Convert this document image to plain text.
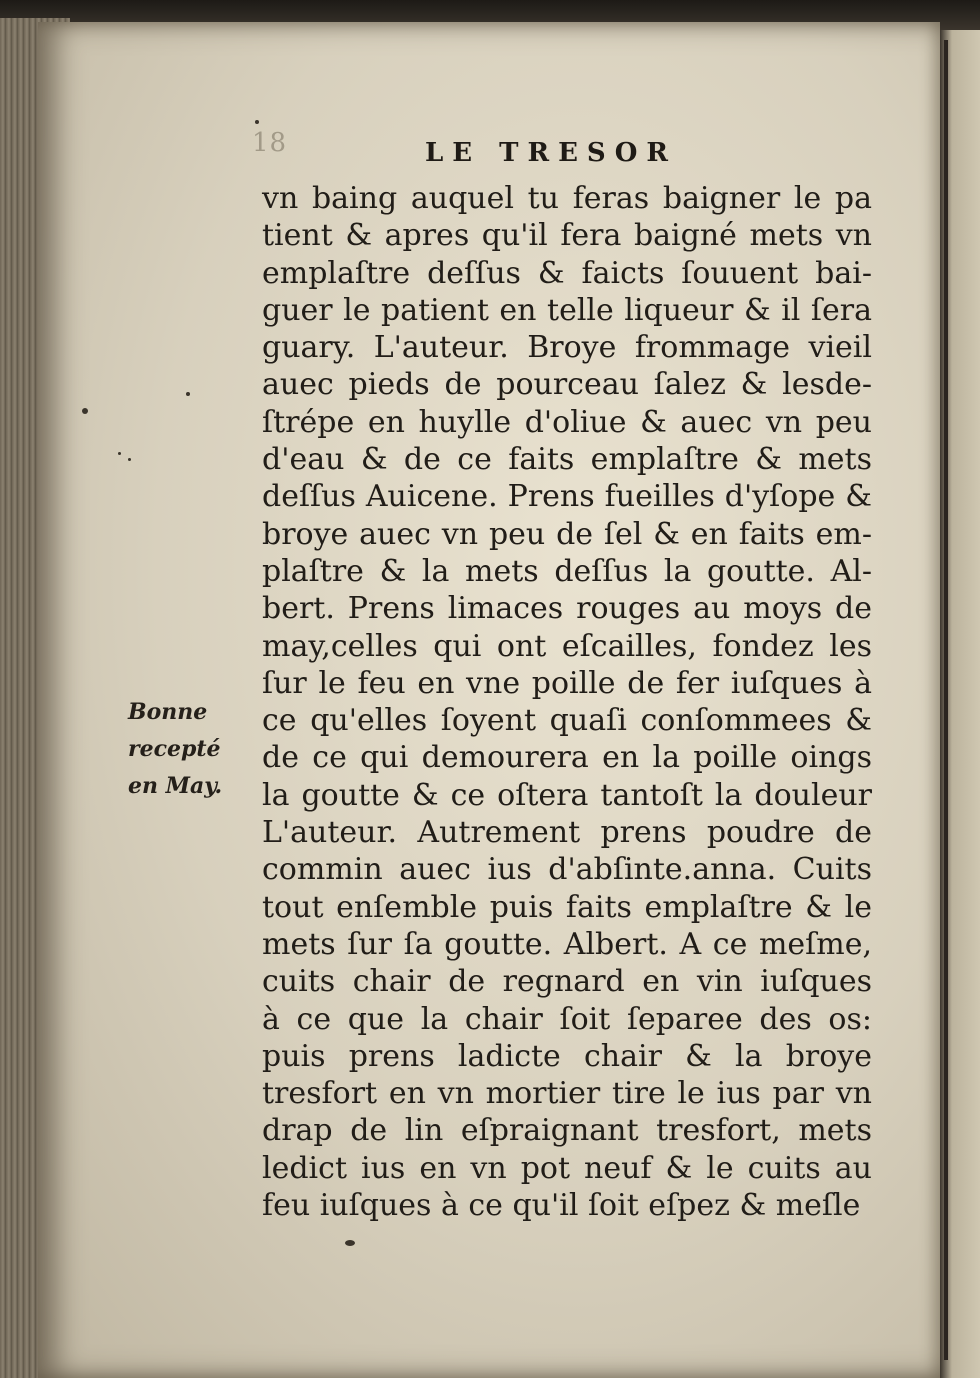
18	LE TRESOR
vn baing auquel tu feras baigner le pa
tient & apres qu'il fera baigné mets vn
emplaſtre deſſus & faicts ſouuent bai-
guer le patient en telle liqueur & il ſera
guary. L'auteur. Broye frommage vieil
auec pieds de pourceau ſalez & lesde-
ſtrépe en huylle d'oliue & auec vn peu
d'eau & de ce faits emplaſtre & mets
deſſus Auicene. Prens fueilles d'yſope &
broye auec vn peu de ſel & en faits em-
plaſtre & la mets deſſus la goutte. Al-
bert. Prens limaces rouges au moys de
may,celles qui ont eſcailles, fondez les
ſur le feu en vne poille de fer iuſques à
ce qu'elles ſoyent quaſi conſommees &
de ce qui demourera en la poille oings
la goutte & ce oſtera tantoſt la douleur
L'auteur. Autrement prens poudre de
commin auec ius d'abſinte.anna. Cuits
tout enſemble puis faits emplaſtre & le
mets ſur ſa goutte. Albert. A ce meſme,
cuits chair de regnard en vin iuſques
à ce que la chair ſoit ſeparee des os:
puis prens ladicte chair & la broye
tresfort en vn mortier tire le ius par vn
drap de lin eſpraignant tresfort, mets
ledict ius en vn pot neuf & le cuits au
feu iuſques à ce qu'il ſoit eſpez & meſle
Bonne
recepté
en May.
